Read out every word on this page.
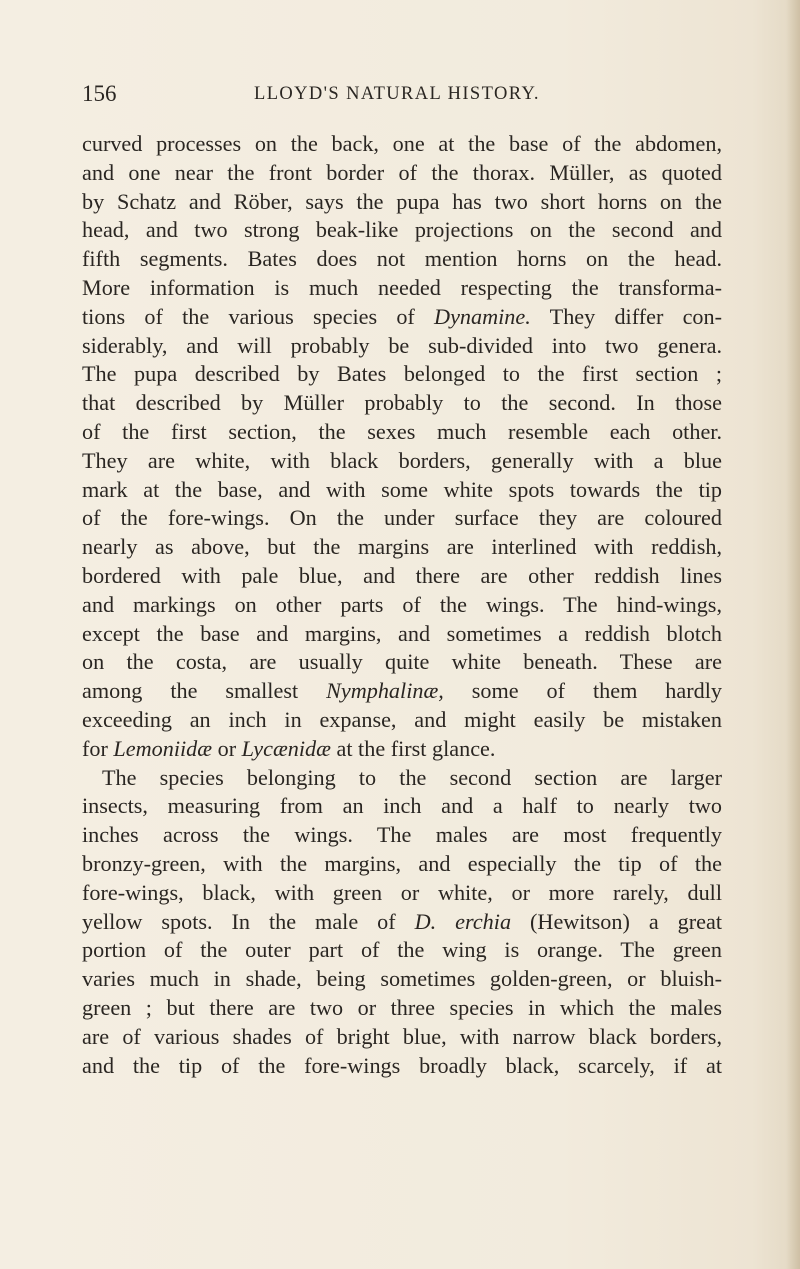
156	LLOYD'S NATURAL HISTORY.
curved processes on the back, one at the base of the abdomen,
and one near the front border of the thorax. Müller, as quoted
by Schatz and Röber, says the pupa has two short horns on the
head, and two strong beak-like projections on the second and
fifth segments. Bates does not mention horns on the head.
More information is much needed respecting the transforma-
tions of the various species of Dynamine. They differ con-
siderably, and will probably be sub-divided into two genera.
The pupa described by Bates belonged to the first section ;
that described by Müller probably to the second. In those
of the first section, the sexes much resemble each other.
They are white, with black borders, generally with a blue
mark at the base, and with some white spots towards the tip
of the fore-wings. On the under surface they are coloured
nearly as above, but the margins are interlined with reddish,
bordered with pale blue, and there are other reddish lines
and markings on other parts of the wings. The hind-wings,
except the base and margins, and sometimes a reddish blotch
on the costa, are usually quite white beneath. These are
among the smallest Nymphalinæ, some of them hardly
exceeding an inch in expanse, and might easily be mistaken
for Lemoniidæ or Lycænidæ at the first glance.
The species belonging to the second section are larger
insects, measuring from an inch and a half to nearly two
inches across the wings. The males are most frequently
bronzy-green, with the margins, and especially the tip of the
fore-wings, black, with green or white, or more rarely, dull
yellow spots. In the male of D. erchia (Hewitson) a great
portion of the outer part of the wing is orange. The green
varies much in shade, being sometimes golden-green, or bluish-
green ; but there are two or three species in which the males
are of various shades of bright blue, with narrow black borders,
and the tip of the fore-wings broadly black, scarcely, if at
